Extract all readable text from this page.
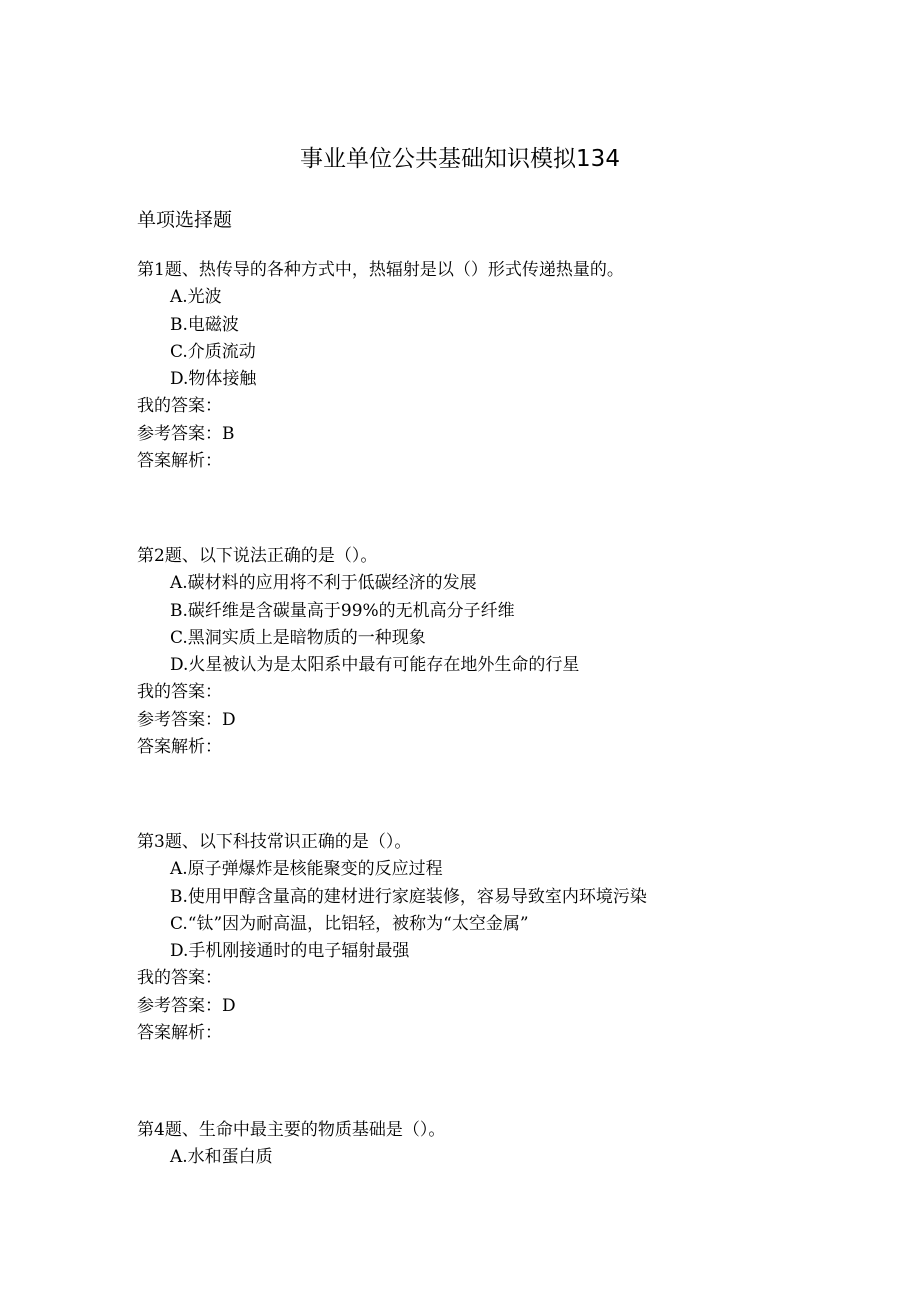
事业单位公共基础知识模拟134
单项选择题
第1题、热传导的各种方式中，热辐射是以（）形式传递热量的。
A.光波
B.电磁波
C.介质流动
D.物体接触
我的答案：
参考答案：B
答案解析：
第2题、以下说法正确的是（）。
A.碳材料的应用将不利于低碳经济的发展
B.碳纤维是含碳量高于99%的无机高分子纤维
C.黑洞实质上是暗物质的一种现象
D.火星被认为是太阳系中最有可能存在地外生命的行星
我的答案：
参考答案：D
答案解析：
第3题、以下科技常识正确的是（）。
A.原子弹爆炸是核能聚变的反应过程
B.使用甲醇含量高的建材进行家庭装修，容易导致室内环境污染
C.“钛”因为耐高温，比铝轻，被称为“太空金属”
D.手机刚接通时的电子辐射最强
我的答案：
参考答案：D
答案解析：
第4题、生命中最主要的物质基础是（）。
A.水和蛋白质
